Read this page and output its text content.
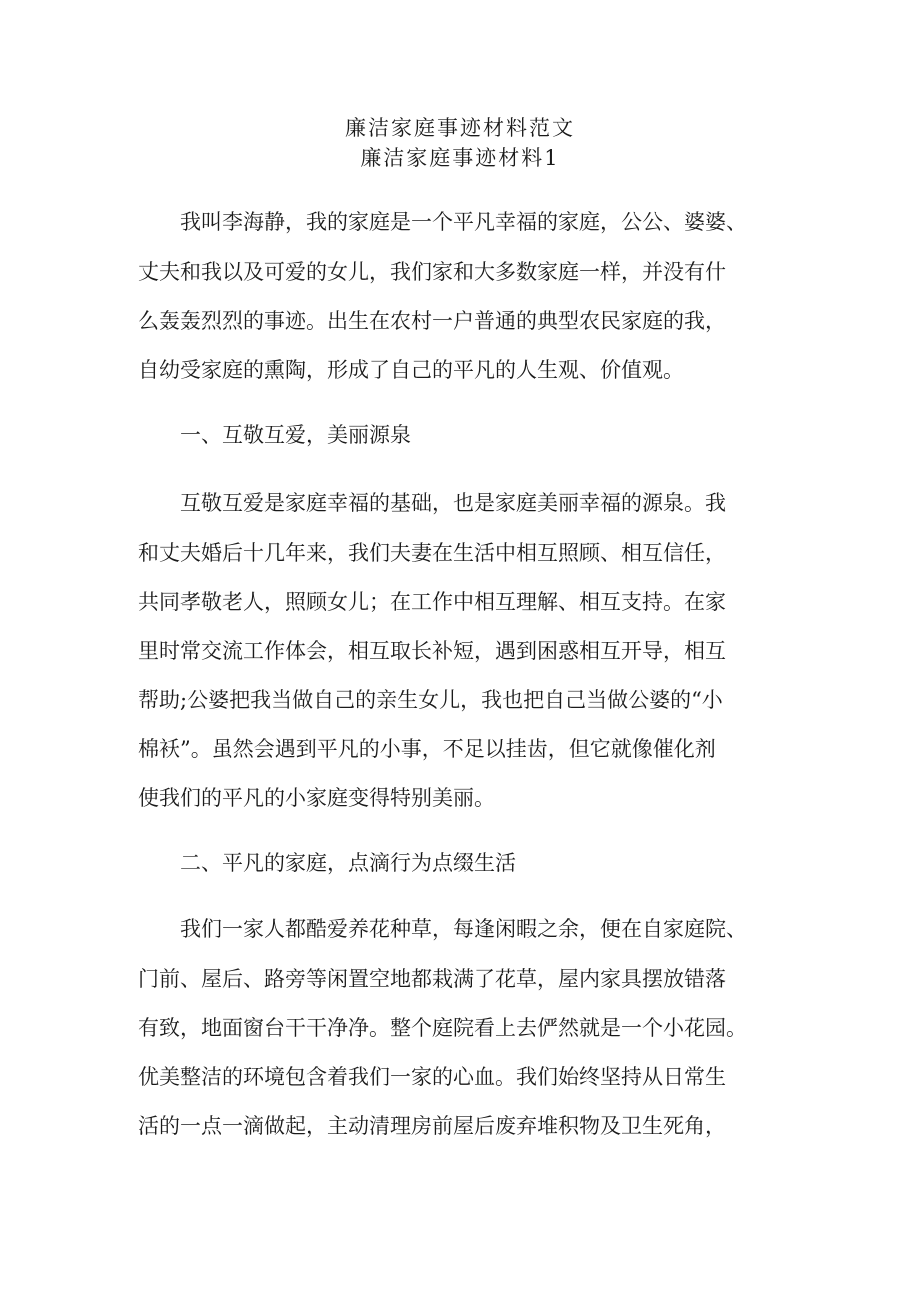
廉洁家庭事迹材料范文
廉洁家庭事迹材料1
　　我叫李海静，我的家庭是一个平凡幸福的家庭，公公、婆婆、
丈夫和我以及可爱的女儿，我们家和大多数家庭一样，并没有什
么轰轰烈烈的事迹。出生在农村一户普通的典型农民家庭的我，
自幼受家庭的熏陶，形成了自己的平凡的人生观、价值观。
　　一、互敬互爱，美丽源泉
　　互敬互爱是家庭幸福的基础，也是家庭美丽幸福的源泉。我
和丈夫婚后十几年来，我们夫妻在生活中相互照顾、相互信任，
共同孝敬老人，照顾女儿；在工作中相互理解、相互支持。在家
里时常交流工作体会，相互取长补短，遇到困惑相互开导，相互
帮助;公婆把我当做自己的亲生女儿，我也把自己当做公婆的“小
棉袄”。虽然会遇到平凡的小事，不足以挂齿，但它就像催化剂
使我们的平凡的小家庭变得特别美丽。
　　二、平凡的家庭，点滴行为点缀生活
　　我们一家人都酷爱养花种草，每逢闲暇之余，便在自家庭院、
门前、屋后、路旁等闲置空地都栽满了花草，屋内家具摆放错落
有致，地面窗台干干净净。整个庭院看上去俨然就是一个小花园。
优美整洁的环境包含着我们一家的心血。我们始终坚持从日常生
活的一点一滴做起，主动清理房前屋后废弃堆积物及卫生死角，
